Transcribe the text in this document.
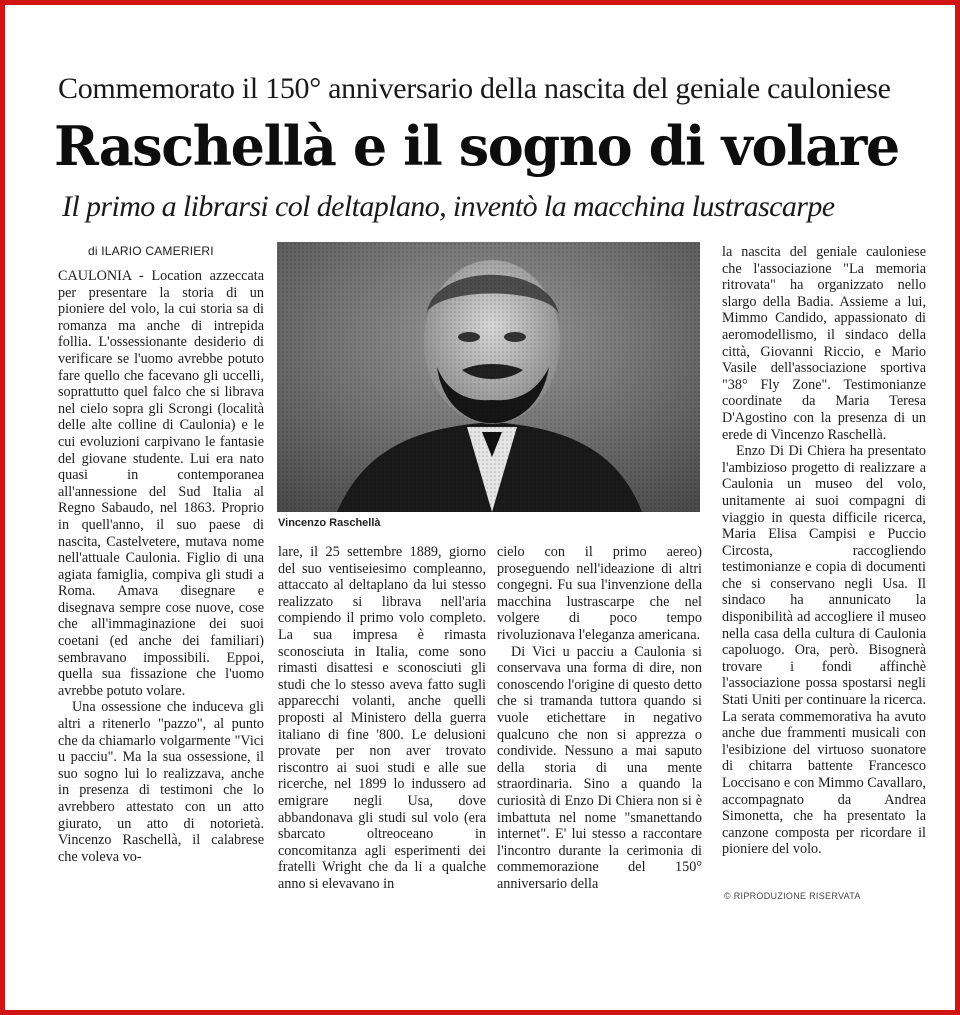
Commemorato il 150° anniversario della nascita del geniale cauloniese
Raschellà e il sogno di volare
Il primo a librarsi col deltaplano, inventò la macchina lustrascarpe
di ILARIO CAMERIERI

CAULONIA - Location azzeccata per presentare la storia di un pioniere del volo, la cui storia sa di romanza ma anche di intrepida follia. L'ossessionante desiderio di verificare se l'uomo avrebbe potuto fare quello che facevano gli uccelli, soprattutto quel falco che si librava nel cielo sopra gli Scrongi (località delle alte colline di Caulonia) e le cui evoluzioni carpivano le fantasie del giovane studente. Lui era nato quasi in contemporanea all'annessione del Sud Italia al Regno Sabaudo, nel 1863. Proprio in quell'anno, il suo paese di nascita, Castelvetere, mutava nome nell'attuale Caulonia. Figlio di una agiata famiglia, compiva gli studi a Roma. Amava disegnare e disegnava sempre cose nuove, cose che all'immaginazione dei suoi coetani (ed anche dei familiari) sembravano impossibili. Eppoi, quella sua fissazione che l'uomo avrebbe potuto volare.

Una ossessione che induceva gli altri a ritenerlo "pazzo", al punto che da chiamarlo volgarmente "Vici u pacciu". Ma la sua ossessione, il suo sogno lui lo realizzava, anche in presenza di testimoni che lo avrebbero attestato con un atto giurato, un atto di notorietà. Vincenzo Raschellà, il calabrese che voleva vo-

Vincenzo Raschellà

lare, il 25 settembre 1889, giorno del suo ventiseiesimo compleanno, attaccato al deltaplano da lui stesso realizzato si librava nell'aria compiendo il primo volo completo. La sua impresa è rimasta sconosciuta in Italia, come sono rimasti disattesi e sconosciuti gli studi che lo stesso aveva fatto sugli apparecchi volanti, anche quelli proposti al Ministero della guerra italiano di fine '800. Le delusioni provate per non aver trovato riscontro ai suoi studi e alle sue ricerche, nel 1899 lo indussero ad emigrare negli Usa, dove abbandonava gli studi sul volo (era sbarcato oltreoceano in concomitanza agli esperimenti dei fratelli Wright che da li a qualche anno si elevavano in

cielo con il primo aereo) proseguendo nell'ideazione di altri congegni. Fu sua l'invenzione della macchina lustrascarpe che nel volgere di poco tempo rivoluzionava l'eleganza americana.

Di Vici u pacciu a Caulonia si conservava una forma di dire, non conoscendo l'origine di questo detto che si tramanda tuttora quando si vuole etichettare in negativo qualcuno che non si apprezza o condivide. Nessuno a mai saputo della storia di una mente straordinaria. Sino a quando la curiosità di Enzo Di Chiera non si è imbattuta nel nome "smanettando internet". E' lui stesso a raccontare l'incontro durante la cerimonia di commemorazione del 150° anniversario della

la nascita del geniale cauloniese che l'associazione "La memoria ritrovata" ha organizzato nello slargo della Badia. Assieme a lui, Mimmo Candido, appassionato di aeromodellismo, il sindaco della città, Giovanni Riccio, e Mario Vasile dell'associazione sportiva "38° Fly Zone". Testimonianze coordinate da Maria Teresa D'Agostino con la presenza di un erede di Vincenzo Raschellà.

Enzo Di Di Chiera ha presentato l'ambizioso progetto di realizzare a Caulonia un museo del volo, unitamente ai suoi compagni di viaggio in questa difficile ricerca, Maria Elisa Campisi e Puccio Circosta, raccogliendo testimonianze e copia di documenti che si conservano negli Usa. Il sindaco ha annunicato la disponibilità ad accogliere il museo nella casa della cultura di Caulonia capoluogo. Ora, però. Bisognerà trovare i fondi affinchè l'associazione possa spostarsi negli Stati Uniti per continuare la ricerca. La serata commemorativa ha avuto anche due frammenti musicali con l'esibizione del virtuoso suonatore di chitarra battente Francesco Loccisano e con Mimmo Cavallaro, accompagnato da Andrea Simonetta, che ha presentato la canzone composta per ricordare il pioniere del volo.

© RIPRODUZIONE RISERVATA
